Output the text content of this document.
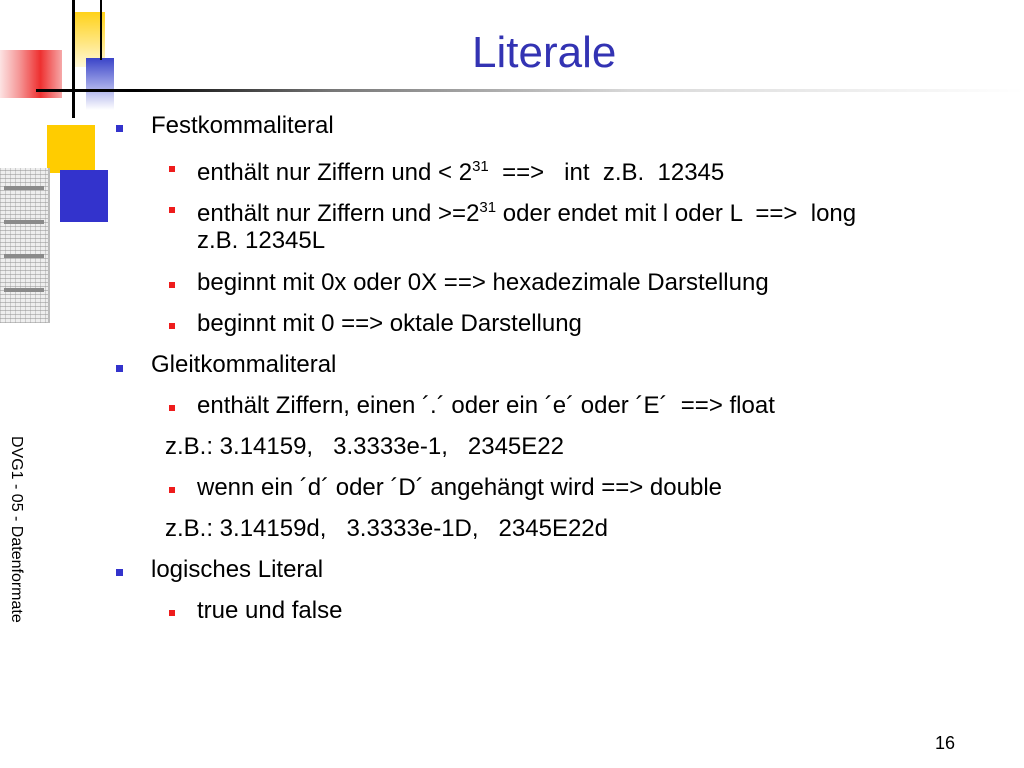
Literale
DVG1 - 05 - Datenformate
Festkommaliteral
enthält nur Ziffern und < $2^{31}$  ==>   int  z.B.  12345
enthält nur Ziffern und $>=2^{31}$ oder endet mit l oder L  ==>  long
z.B. 12345L
beginnt mit 0x oder 0X ==> hexadezimale Darstellung
beginnt mit 0 ==> oktale Darstellung
Gleitkommaliteral
enthält Ziffern, einen ´.´ oder ein ´e´ oder ´E´  ==> float
z.B.: 3.14159,   3.3333e-1,   2345E22
wenn ein ´d´ oder ´D´ angehängt wird ==> double
z.B.: 3.14159d,   3.3333e-1D,   2345E22d
logisches Literal
true und false
16
